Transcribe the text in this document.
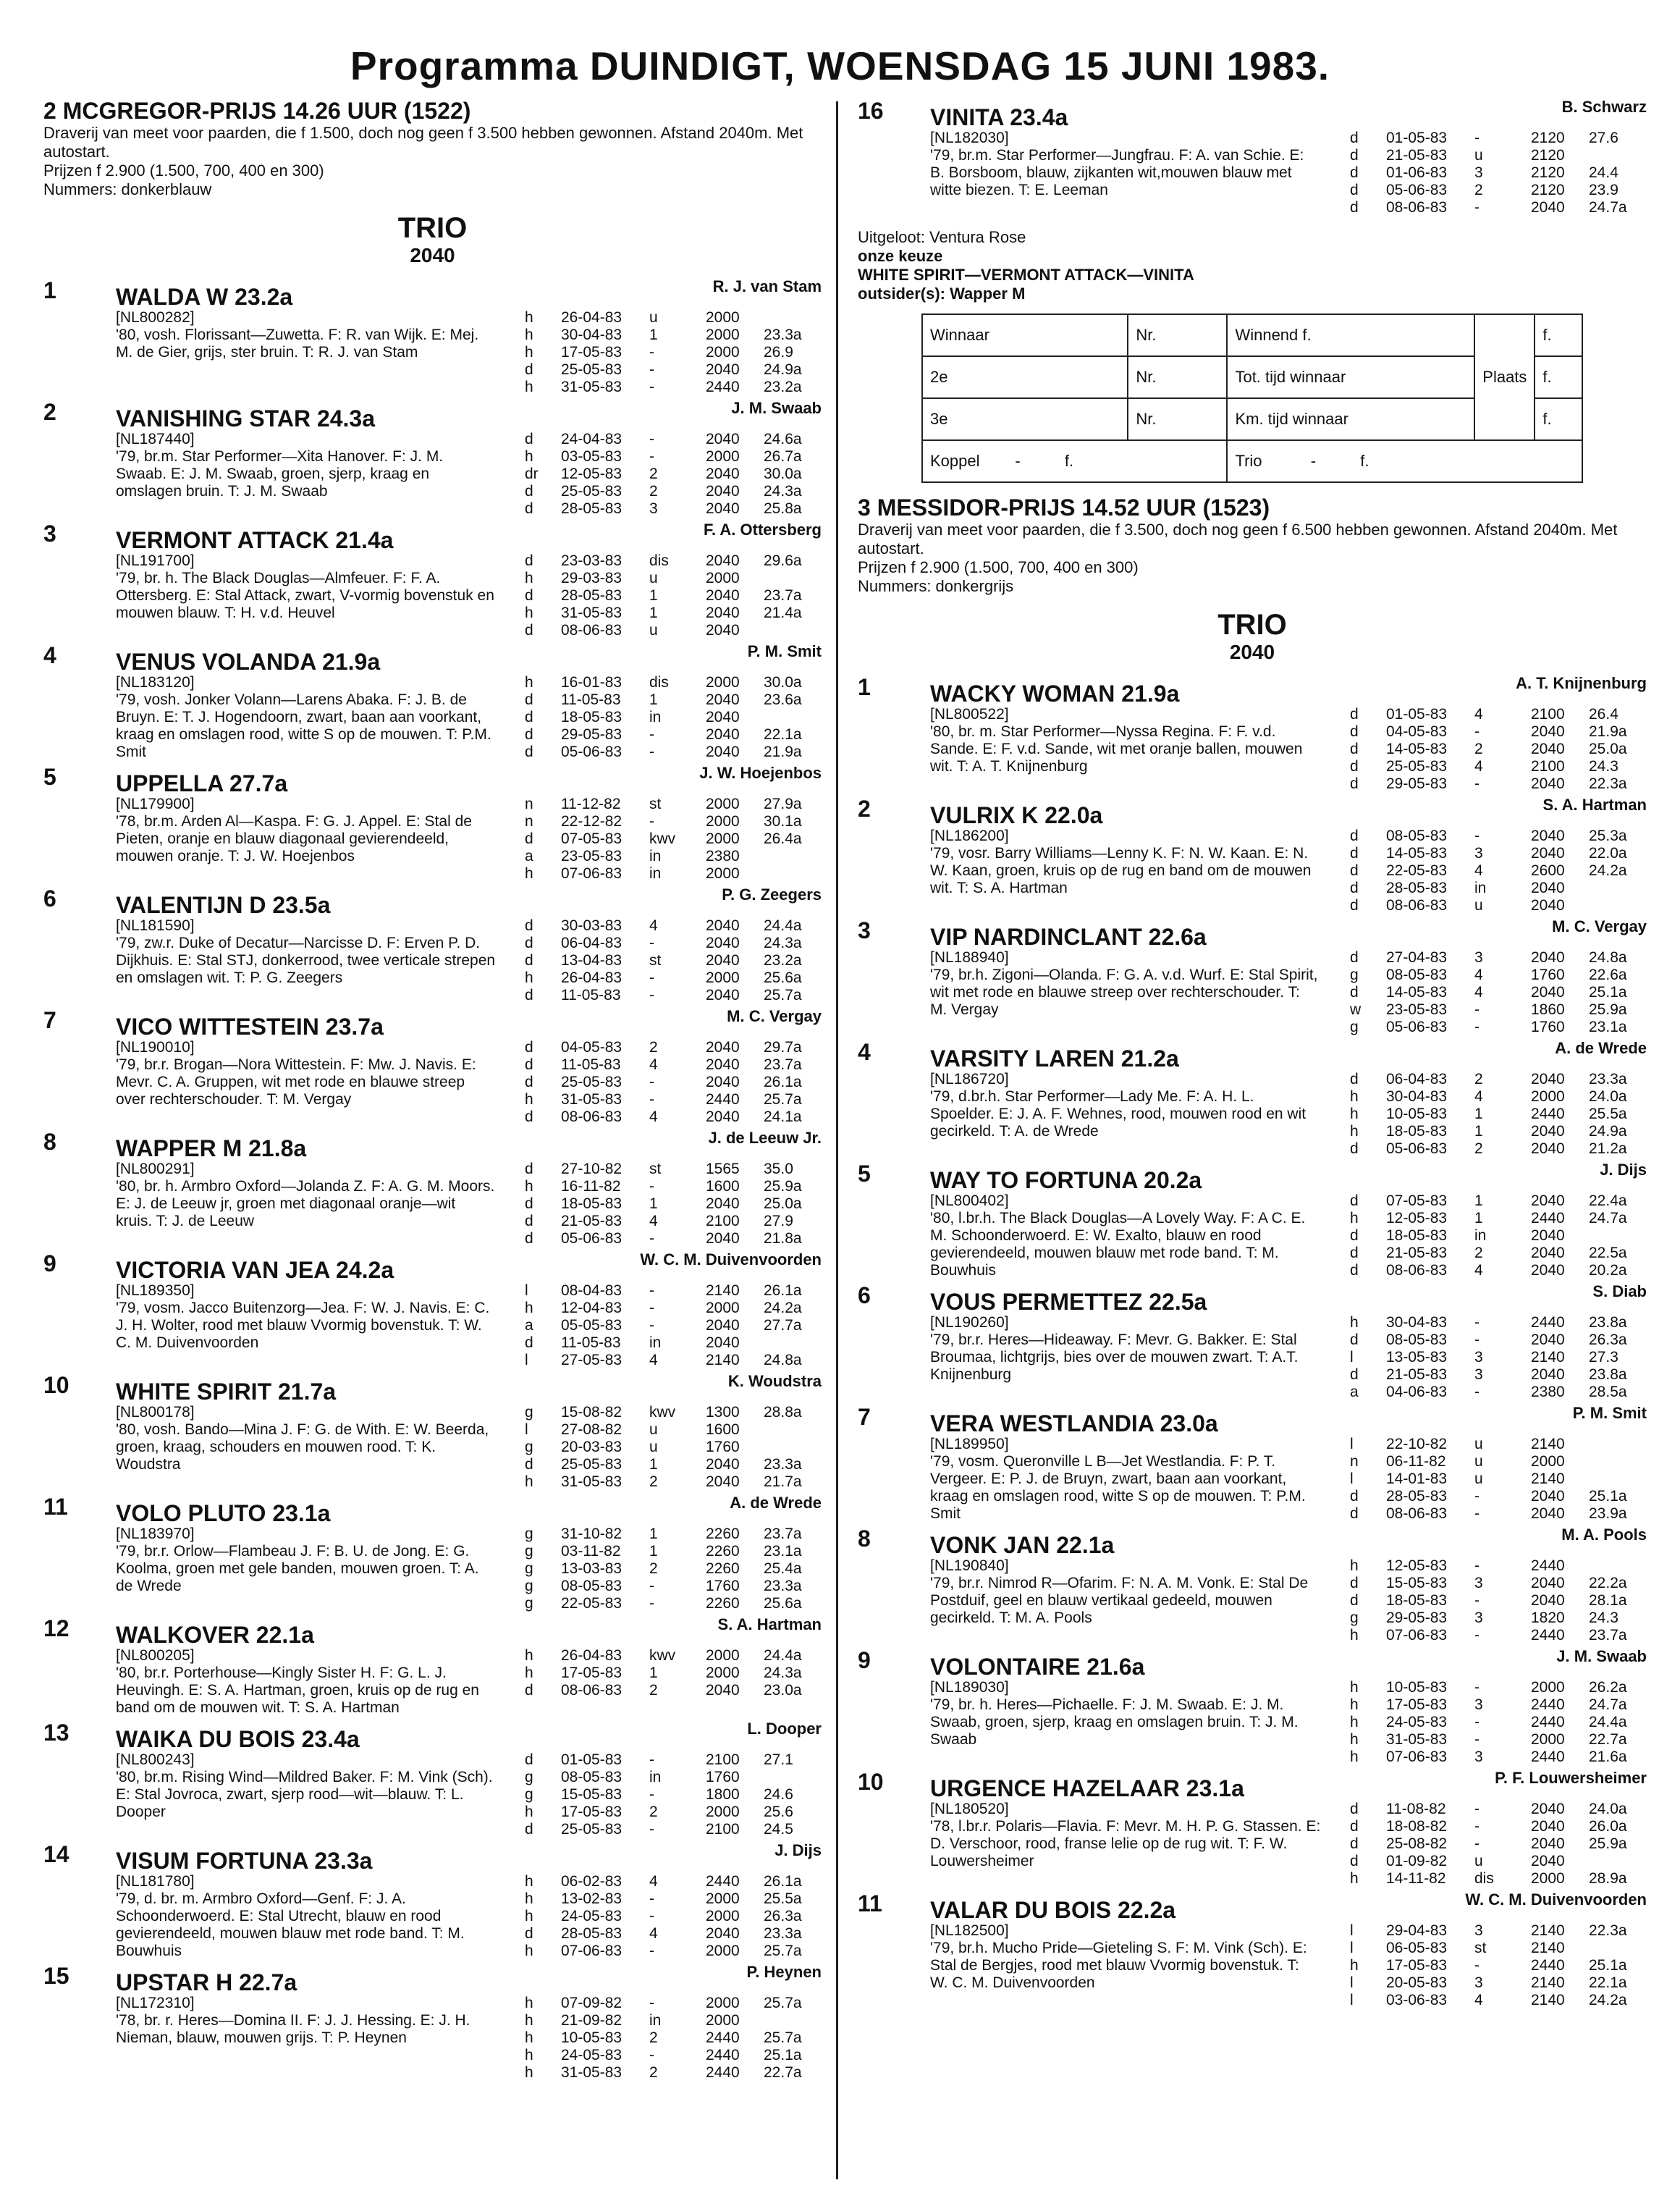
Programma DUINDIGT, WOENSDAG 15 JUNI 1983.
2 MCGREGOR-PRIJS 14.26 UUR (1522)
Draverij van meet voor paarden, die f 1.500, doch nog geen f 3.500 hebben gewonnen. Afstand 2040m. Met autostart.
Prijzen f 2.900 (1.500, 700, 400 en 300)
Nummers: donkerblauw
TRIO
2040
1	R. J. van Stam
WALDA W 23.2a
[NL800282]
'80, vosh. Florissant—Zuwetta. F: R. van Wijk. E: Mej. M. de Gier, grijs, ster bruin. T: R. J. van Stam
h	26-04-83	u	2000
h	30-04-83	1	2000	23.3a
h	17-05-83	-	2000	26.9
d	25-05-83	-	2040	24.9a
h	31-05-83	-	2440	23.2a
2	J. M. Swaab
VANISHING STAR 24.3a
[NL187440]
'79, br.m. Star Performer—Xita Hanover. F: J. M. Swaab. E: J. M. Swaab, groen, sjerp, kraag en omslagen bruin. T: J. M. Swaab
d	24-04-83	-	2040	24.6a
h	03-05-83	-	2000	26.7a
dr	12-05-83	2	2040	30.0a
d	25-05-83	2	2040	24.3a
d	28-05-83	3	2040	25.8a
3	F. A. Ottersberg
VERMONT ATTACK 21.4a
[NL191700]
'79, br. h. The Black Douglas—Almfeuer. F: F. A. Ottersberg. E: Stal Attack, zwart, V-vormig bovenstuk en mouwen blauw. T: H. v.d. Heuvel
d	23-03-83	dis	2040	29.6a
h	29-03-83	u	2000
d	28-05-83	1	2040	23.7a
h	31-05-83	1	2040	21.4a
d	08-06-83	u	2040
4	P. M. Smit
VENUS VOLANDA 21.9a
[NL183120]
'79, vosh. Jonker Volann—Larens Abaka. F: J. B. de Bruyn. E: T. J. Hogendoorn, zwart, baan aan voorkant, kraag en omslagen rood, witte S op de mouwen. T: P.M. Smit
h	16-01-83	dis	2000	30.0a
d	11-05-83	1	2040	23.6a
d	18-05-83	in	2040
d	29-05-83	-	2040	22.1a
d	05-06-83	-	2040	21.9a
5	J. W. Hoejenbos
UPPELLA 27.7a
[NL179900]
'78, br.m. Arden Al—Kaspa. F: G. J. Appel. E: Stal de Pieten, oranje en blauw diagonaal gevierendeeld, mouwen oranje. T: J. W. Hoejenbos
n	11-12-82	st	2000	27.9a
n	22-12-82	-	2000	30.1a
d	07-05-83	kwv	2000	26.4a
a	23-05-83	in	2380
h	07-06-83	in	2000
6	P. G. Zeegers
VALENTIJN D 23.5a
[NL181590]
'79, zw.r. Duke of Decatur—Narcisse D. F: Erven P. D. Dijkhuis. E: Stal STJ, donkerrood, twee verticale strepen en omslagen wit. T: P. G. Zeegers
d	30-03-83	4	2040	24.4a
d	06-04-83	-	2040	24.3a
d	13-04-83	st	2040	23.2a
h	26-04-83	-	2000	25.6a
d	11-05-83	-	2040	25.7a
7	M. C. Vergay
VICO WITTESTEIN 23.7a
[NL190010]
'79, br.r. Brogan—Nora Wittestein. F: Mw. J. Navis. E: Mevr. C. A. Gruppen, wit met rode en blauwe streep over rechterschouder. T: M. Vergay
d	04-05-83	2	2040	29.7a
d	11-05-83	4	2040	23.7a
d	25-05-83	-	2040	26.1a
h	31-05-83	-	2440	25.7a
d	08-06-83	4	2040	24.1a
8	J. de Leeuw Jr.
WAPPER M 21.8a
[NL800291]
'80, br. h. Armbro Oxford—Jolanda Z. F: A. G. M. Moors. E: J. de Leeuw jr, groen met diagonaal oranje—wit kruis. T: J. de Leeuw
d	27-10-82	st	1565	35.0
h	16-11-82	-	1600	25.9a
d	18-05-83	1	2040	25.0a
d	21-05-83	4	2100	27.9
d	05-06-83	-	2040	21.8a
9	W. C. M. Duivenvoorden
VICTORIA VAN JEA 24.2a
[NL189350]
'79, vosm. Jacco Buitenzorg—Jea. F: W. J. Navis. E: C. J. H. Wolter, rood met blauw Vvormig bovenstuk. T: W. C. M. Duivenvoorden
l	08-04-83	-	2140	26.1a
h	12-04-83	-	2000	24.2a
a	05-05-83	-	2040	27.7a
d	11-05-83	in	2040
l	27-05-83	4	2140	24.8a
10	K. Woudstra
WHITE SPIRIT 21.7a
[NL800178]
'80, vosh. Bando—Mina J. F: G. de With. E: W. Beerda, groen, kraag, schouders en mouwen rood. T: K. Woudstra
g	15-08-82	kwv	1300	28.8a
l	27-08-82	u	1600
g	20-03-83	u	1760
d	25-05-83	1	2040	23.3a
h	31-05-83	2	2040	21.7a
11	A. de Wrede
VOLO PLUTO 23.1a
[NL183970]
'79, br.r. Orlow—Flambeau J. F: B. U. de Jong. E: G. Koolma, groen met gele banden, mouwen groen. T: A. de Wrede
g	31-10-82	1	2260	23.7a
g	03-11-82	1	2260	23.1a
g	13-03-83	2	2260	25.4a
g	08-05-83	-	1760	23.3a
g	22-05-83	-	2260	25.6a
12	S. A. Hartman
WALKOVER 22.1a
[NL800205]
'80, br.r. Porterhouse—Kingly Sister H. F: G. L. J. Heuvingh. E: S. A. Hartman, groen, kruis op de rug en band om de mouwen wit. T: S. A. Hartman
h	26-04-83	kwv	2000	24.4a
h	17-05-83	1	2000	24.3a
d	08-06-83	2	2040	23.0a
13	L. Dooper
WAIKA DU BOIS 23.4a
[NL800243]
'80, br.m. Rising Wind—Mildred Baker. F: M. Vink (Sch). E: Stal Jovroca, zwart, sjerp rood—wit—blauw. T: L. Dooper
d	01-05-83	-	2100	27.1
g	08-05-83	in	1760
g	15-05-83	-	1800	24.6
h	17-05-83	2	2000	25.6
d	25-05-83	-	2100	24.5
14	J. Dijs
VISUM FORTUNA 23.3a
[NL181780]
'79, d. br. m. Armbro Oxford—Genf. F: J. A. Schoonderwoerd. E: Stal Utrecht, blauw en rood gevierendeeld, mouwen blauw met rode band. T: M. Bouwhuis
h	06-02-83	4	2440	26.1a
h	13-02-83	-	2000	25.5a
h	24-05-83	-	2000	26.3a
d	28-05-83	4	2040	23.3a
h	07-06-83	-	2000	25.7a
15	P. Heynen
UPSTAR H 22.7a
[NL172310]
'78, br. r. Heres—Domina II. F: J. J. Hessing. E: J. H. Nieman, blauw, mouwen grijs. T: P. Heynen
h	07-09-82	-	2000	25.7a
h	21-09-82	in	2000
h	10-05-83	2	2440	25.7a
h	24-05-83	-	2440	25.1a
h	31-05-83	2	2440	22.7a
16	B. Schwarz
VINITA 23.4a
[NL182030]
'79, br.m. Star Performer—Jungfrau. F: A. van Schie. E: B. Borsboom, blauw, zijkanten wit,mouwen blauw met witte biezen. T: E. Leeman
d	01-05-83	-	2120	27.6
d	21-05-83	u	2120
d	01-06-83	3	2120	24.4
d	05-06-83	2	2120	23.9
d	08-06-83	-	2040	24.7a
Uitgeloot: Ventura Rose
onze keuze
WHITE SPIRIT—VERMONT ATTACK—VINITA
outsider(s): Wapper M
Winnaar	Nr.	Winnend f.	Plaats	f.
2e	Nr.	Tot. tijd winnaar		f.
3e	Nr.	Km. tijd winnaar		f.
Koppel - f.		Trio - f.		
3 MESSIDOR-PRIJS 14.52 UUR (1523)
Draverij van meet voor paarden, die f 3.500, doch nog geen f 6.500 hebben gewonnen. Afstand 2040m. Met autostart.
Prijzen f 2.900 (1.500, 700, 400 en 300)
Nummers: donkergrijs
TRIO
2040
1	A. T. Knijnenburg
WACKY WOMAN 21.9a
[NL800522]
'80, br. m. Star Performer—Nyssa Regina. F: F. v.d. Sande. E: F. v.d. Sande, wit met oranje ballen, mouwen wit. T: A. T. Knijnenburg
d	01-05-83	4	2100	26.4
d	04-05-83	-	2040	21.9a
d	14-05-83	2	2040	25.0a
d	25-05-83	4	2100	24.3
d	29-05-83	-	2040	22.3a
2	S. A. Hartman
VULRIX K 22.0a
[NL186200]
'79, vosr. Barry Williams—Lenny K. F: N. W. Kaan. E: N. W. Kaan, groen, kruis op de rug en band om de mouwen wit. T: S. A. Hartman
d	08-05-83	-	2040	25.3a
d	14-05-83	3	2040	22.0a
d	22-05-83	4	2600	24.2a
d	28-05-83	in	2040
d	08-06-83	u	2040
3	M. C. Vergay
VIP NARDINCLANT 22.6a
[NL188940]
'79, br.h. Zigoni—Olanda. F: G. A. v.d. Wurf. E: Stal Spirit, wit met rode en blauwe streep over rechterschouder. T: M. Vergay
d	27-04-83	3	2040	24.8a
g	08-05-83	4	1760	22.6a
d	14-05-83	4	2040	25.1a
w	23-05-83	-	1860	25.9a
g	05-06-83	-	1760	23.1a
4	A. de Wrede
VARSITY LAREN 21.2a
[NL186720]
'79, d.br.h. Star Performer—Lady Me. F: A. H. L. Spoelder. E: J. A. F. Wehnes, rood, mouwen rood en wit gecirkeld. T: A. de Wrede
d	06-04-83	2	2040	23.3a
h	30-04-83	4	2000	24.0a
h	10-05-83	1	2440	25.5a
h	18-05-83	1	2040	24.9a
d	05-06-83	2	2040	21.2a
5	J. Dijs
WAY TO FORTUNA 20.2a
[NL800402]
'80, l.br.h. The Black Douglas—A Lovely Way. F: A C. E. M. Schoonderwoerd. E: W. Exalto, blauw en rood gevierendeeld, mouwen blauw met rode band. T: M. Bouwhuis
d	07-05-83	1	2040	22.4a
h	12-05-83	1	2440	24.7a
d	18-05-83	in	2040
d	21-05-83	2	2040	22.5a
d	08-06-83	4	2040	20.2a
6	S. Diab
VOUS PERMETTEZ 22.5a
[NL190260]
'79, br.r. Heres—Hideaway. F: Mevr. G. Bakker. E: Stal Broumaa, lichtgrijs, bies over de mouwen zwart. T: A.T. Knijnenburg
h	30-04-83	-	2440	23.8a
d	08-05-83	-	2040	26.3a
l	13-05-83	3	2140	27.3
d	21-05-83	3	2040	23.8a
a	04-06-83	-	2380	28.5a
7	P. M. Smit
VERA WESTLANDIA 23.0a
[NL189950]
'79, vosm. Queronville L B—Jet Westlandia. F: P. T. Vergeer. E: P. J. de Bruyn, zwart, baan aan voorkant, kraag en omslagen rood, witte S op de mouwen. T: P.M. Smit
l	22-10-82	u	2140
n	06-11-82	u	2000
l	14-01-83	u	2140
d	28-05-83	-	2040	25.1a
d	08-06-83	-	2040	23.9a
8	M. A. Pools
VONK JAN 22.1a
[NL190840]
'79, br.r. Nimrod R—Ofarim. F: N. A. M. Vonk. E: Stal De Postduif, geel en blauw vertikaal gedeeld, mouwen gecirkeld. T: M. A. Pools
h	12-05-83	-	2440
d	15-05-83	3	2040	22.2a
d	18-05-83	-	2040	28.1a
g	29-05-83	3	1820	24.3
h	07-06-83	-	2440	23.7a
9	J. M. Swaab
VOLONTAIRE 21.6a
[NL189030]
'79, br. h. Heres—Pichaelle. F: J. M. Swaab. E: J. M. Swaab, groen, sjerp, kraag en omslagen bruin. T: J. M. Swaab
h	10-05-83	-	2000	26.2a
h	17-05-83	3	2440	24.7a
h	24-05-83	-	2440	24.4a
h	31-05-83	-	2000	22.7a
h	07-06-83	3	2440	21.6a
10	P. F. Louwersheimer
URGENCE HAZELAAR 23.1a
[NL180520]
'78, l.br.r. Polaris—Flavia. F: Mevr. M. H. P. G. Stassen. E: D. Verschoor, rood, franse lelie op de rug wit. T: F. W. Louwersheimer
d	11-08-82	-	2040	24.0a
d	18-08-82	-	2040	26.0a
d	25-08-82	-	2040	25.9a
d	01-09-82	u	2040
h	14-11-82	dis	2000	28.9a
11	W. C. M. Duivenvoorden
VALAR DU BOIS 22.2a
[NL182500]
'79, br.h. Mucho Pride—Gieteling S. F: M. Vink (Sch). E: Stal de Bergjes, rood met blauw Vvormig bovenstuk. T: W. C. M. Duivenvoorden
l	29-04-83	3	2140	22.3a
l	06-05-83	st	2140
h	17-05-83	-	2440	25.1a
l	20-05-83	3	2140	22.1a
l	03-06-83	4	2140	24.2a
